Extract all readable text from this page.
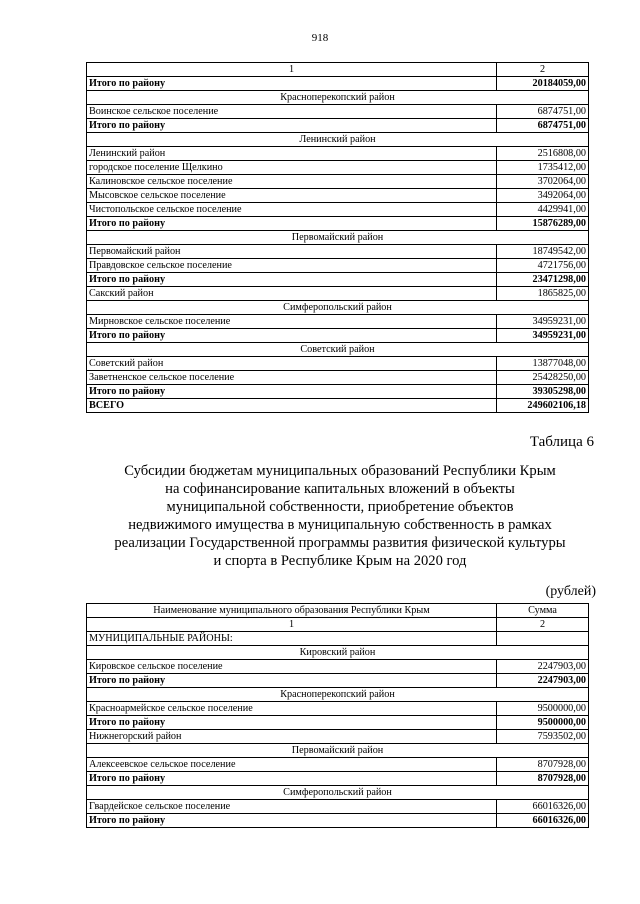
918
1	2
Итого по району	20184059,00
Красноперекопский район	
Воинское сельское поселение	6874751,00
Итого по району	6874751,00
Ленинский район	
Ленинский район	2516808,00
городское поселение Щелкино	1735412,00
Калиновское сельское поселение	3702064,00
Мысовское сельское поселение	3492064,00
Чистопольское сельское поселение	4429941,00
Итого по району	15876289,00
Первомайский район	
Первомайский район	18749542,00
Правдовское сельское поселение	4721756,00
Итого по району	23471298,00
Сакский район	1865825,00
Симферопольский район	
Мирновское сельское поселение	34959231,00
Итого по району	34959231,00
Советский район	
Советский район	13877048,00
Заветненское сельское поселение	25428250,00
Итого по району	39305298,00
ВСЕГО	249602106,18
Таблица 6
Субсидии бюджетам муниципальных образований Республики Крым
на софинансирование капитальных вложений в объекты
муниципальной собственности, приобретение объектов
недвижимого имущества в муниципальную собственность в рамках
реализации Государственной программы развития физической культуры
и спорта в Республике Крым на 2020 год
(рублей)
Наименование муниципального образования Республики Крым	Сумма
1	2
МУНИЦИПАЛЬНЫЕ РАЙОНЫ:	
Кировский район	
Кировское сельское поселение	2247903,00
Итого по району	2247903,00
Красноперекопский район	
Красноармейское сельское поселение	9500000,00
Итого по району	9500000,00
Нижнегорский район	7593502,00
Первомайский район	
Алексеевское сельское поселение	8707928,00
Итого по району	8707928,00
Симферопольский район	
Гвардейское сельское поселение	66016326,00
Итого по району	66016326,00
